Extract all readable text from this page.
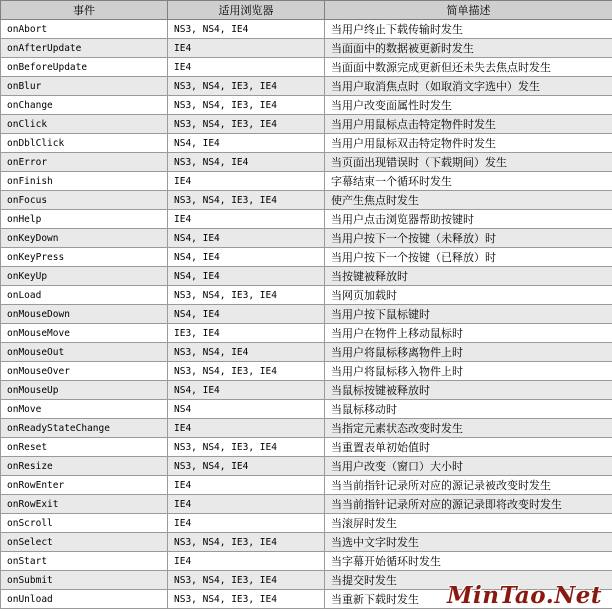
事件	适用浏览器	简单描述
onAbort	NS3, NS4, IE4	当用户终止下载传输时发生
onAfterUpdate	IE4	当面面中的数据被更新时发生
onBeforeUpdate	IE4	当面面中数源完成更新但还未失去焦点时发生
onBlur	NS3, NS4, IE3, IE4	当用户取消焦点时（如取消文字选中）发生
onChange	NS3, NS4, IE3, IE4	当用户改变面属性时发生
onClick	NS3, NS4, IE3, IE4	当用户用鼠标点击特定物件时发生
onDblClick	NS4, IE4	当用户用鼠标双击特定物件时发生
onError	NS3, NS4, IE4	当页面出现错误时（下载期间）发生
onFinish	IE4	字幕结束一个循环时发生
onFocus	NS3, NS4, IE3, IE4	使产生焦点时发生
onHelp	IE4	当用户点击浏览器帮助按键时
onKeyDown	NS4, IE4	当用户按下一个按键（未释放）时
onKeyPress	NS4, IE4	当用户按下一个按键（已释放）时
onKeyUp	NS4, IE4	当按键被释放时
onLoad	NS3, NS4, IE3, IE4	当网页加载时
onMouseDown	NS4, IE4	当用户按下鼠标键时
onMouseMove	IE3, IE4	当用户在物件上移动鼠标时
onMouseOut	NS3, NS4, IE4	当用户将鼠标移离物件上时
onMouseOver	NS3, NS4, IE3, IE4	当用户将鼠标移入物件上时
onMouseUp	NS4, IE4	当鼠标按键被释放时
onMove	NS4	当鼠标移动时
onReadyStateChange	IE4	当指定元素状态改变时发生
onReset	NS3, NS4, IE3, IE4	当重置表单初始值时
onResize	NS3, NS4, IE4	当用户改变（窗口）大小时
onRowEnter	IE4	当当前指针记录所对应的源记录被改变时发生
onRowExit	IE4	当当前指针记录所对应的源记录即将改变时发生
onScroll	IE4	当滚屏时发生
onSelect	NS3, NS4, IE3, IE4	当选中文字时发生
onStart	IE4	当字幕开始循环时发生
onSubmit	NS3, NS4, IE3, IE4	当提交时发生
onUnload	NS3, NS4, IE3, IE4	当重新下载时发生 MinTao.Net
